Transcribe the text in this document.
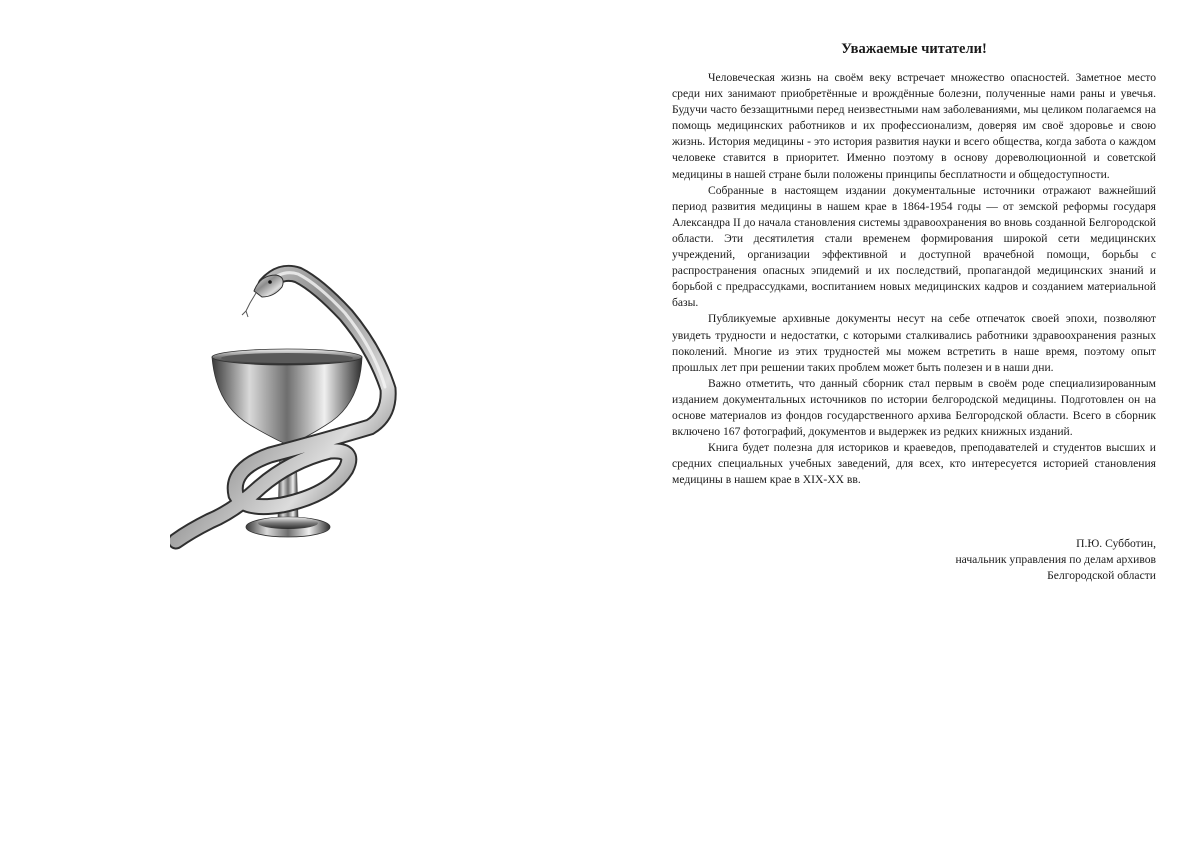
Уважаемые читатели!

Человеческая жизнь на своём веку встречает множество опасностей. Заметное место среди них занимают приобретённые и врождённые болезни, полученные нами раны и увечья. Будучи часто беззащитными перед неизвестными нам заболеваниями, мы целиком полагаемся на помощь медицинских работников и их профессионализм, доверяя им своё здоровье и свою жизнь. История медицины - это история развития науки и всего общества, когда забота о каждом человеке ставится в приоритет. Именно поэтому в основу дореволюционной и советской медицины в нашей стране были положены принципы бесплатности и общедоступности.

Собранные в настоящем издании документальные источники отражают важнейший период развития медицины в нашем крае в 1864-1954 годы — от земской реформы государя Александра II до начала становления системы здравоохранения во вновь созданной Белгородской области. Эти десятилетия стали временем формирования широкой сети медицинских учреждений, организации эффективной и доступной врачебной помощи, борьбы с распространения опасных эпидемий и их последствий, пропагандой медицинских знаний и борьбой с предрассудками, воспитанием новых медицинских кадров и созданием материальной базы.

Публикуемые архивные документы несут на себе отпечаток своей эпохи, позволяют увидеть трудности и недостатки, с которыми сталкивались работники здравоохранения разных поколений. Многие из этих трудностей мы можем встретить в наше время, поэтому опыт прошлых лет при решении таких проблем может быть полезен и в наши дни.

Важно отметить, что данный сборник стал первым в своём роде специализированным изданием документальных источников по истории белгородской медицины. Подготовлен он на основе материалов из фондов государственного архива Белгородской области. Всего в сборник включено 167 фотографий, документов и выдержек из редких книжных изданий.

Книга будет полезна для историков и краеведов, преподавателей и студентов высших и средних специальных учебных заведений, для всех, кто интересуется историей становления медицины в нашем крае в XIX-XX вв.

П.Ю. Субботин,
начальник управления по делам архивов
Белгородской области
